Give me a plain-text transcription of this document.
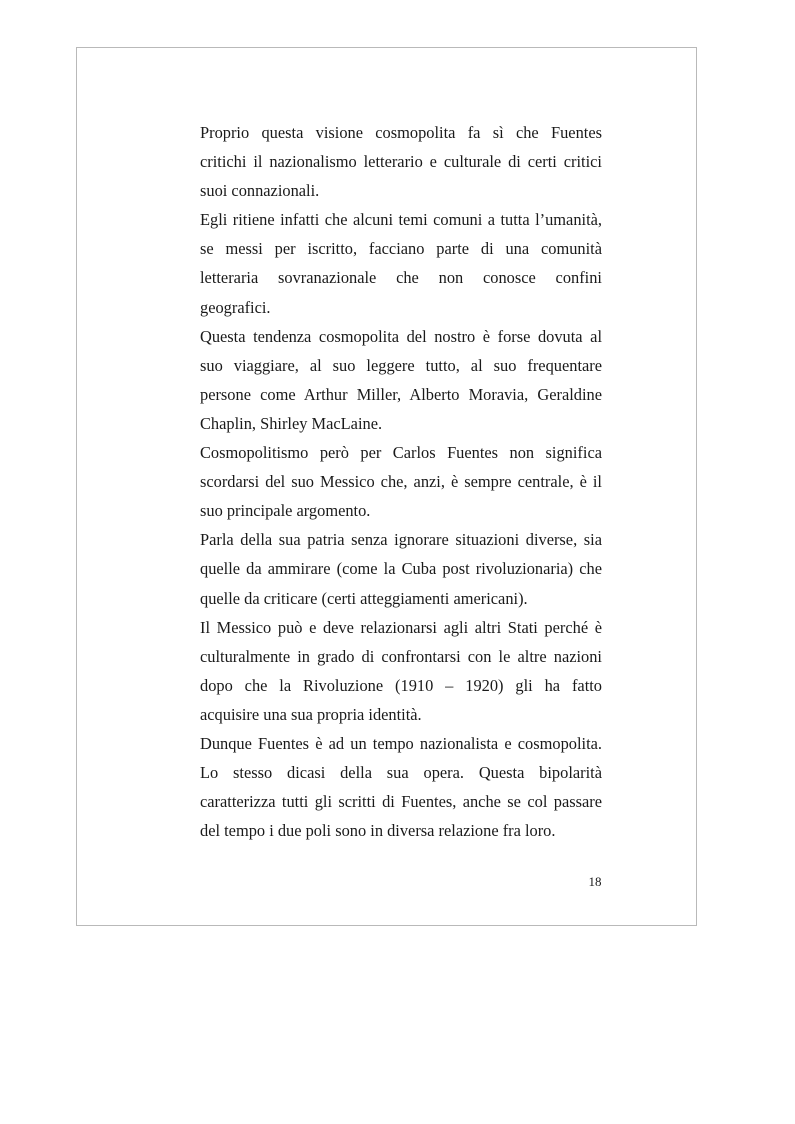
Proprio questa visione cosmopolita fa sì che Fuentes
critichi il nazionalismo letterario e culturale di certi critici
suoi connazionali.
Egli ritiene infatti che alcuni temi comuni a tutta l’umanità,
se messi per iscritto, facciano parte di una comunità
letteraria sovranazionale che non conosce confini
geografici.
Questa tendenza cosmopolita del nostro è forse dovuta al
suo viaggiare, al suo leggere tutto, al suo frequentare
persone come Arthur Miller, Alberto Moravia, Geraldine
Chaplin, Shirley MacLaine.
Cosmopolitismo però per Carlos Fuentes non significa
scordarsi del suo Messico che, anzi, è sempre centrale, è il
suo principale argomento.
Parla della sua patria senza ignorare situazioni diverse, sia
quelle da ammirare (come la Cuba post rivoluzionaria) che
quelle da criticare (certi atteggiamenti americani).
Il Messico può e deve relazionarsi agli altri Stati perché è
culturalmente in grado di confrontarsi con le altre nazioni
dopo che la Rivoluzione (1910 – 1920) gli ha fatto
acquisire una sua propria identità.
Dunque Fuentes è ad un tempo nazionalista e cosmopolita.
Lo stesso dicasi della sua opera. Questa bipolarità
caratterizza tutti gli scritti di Fuentes, anche se col passare
del tempo i due poli sono in diversa relazione fra loro.
18
